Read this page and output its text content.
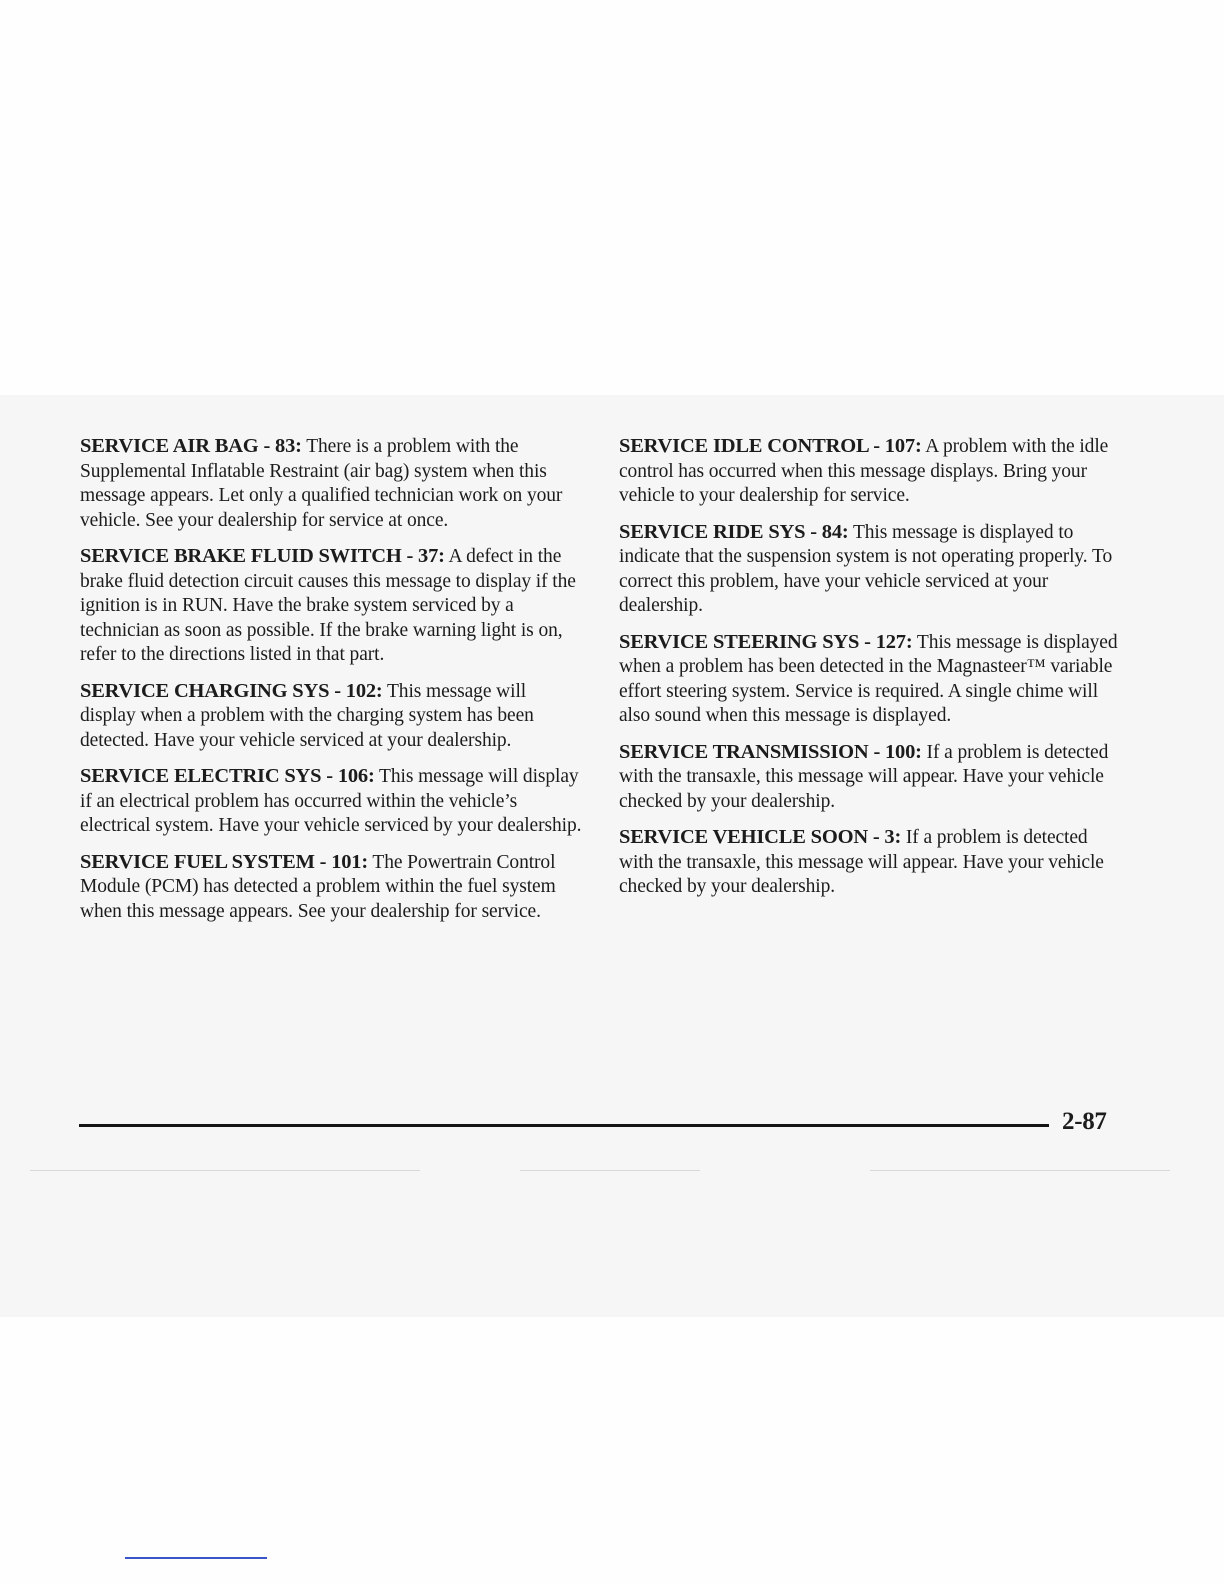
SERVICE AIR BAG - 83: There is a problem with the Supplemental Inflatable Restraint (air bag) system when this message appears. Let only a qualified technician work on your vehicle. See your dealership for service at once.

SERVICE BRAKE FLUID SWITCH - 37: A defect in the brake fluid detection circuit causes this message to display if the ignition is in RUN. Have the brake system serviced by a technician as soon as possible. If the brake warning light is on, refer to the directions listed in that part.

SERVICE CHARGING SYS - 102: This message will display when a problem with the charging system has been detected. Have your vehicle serviced at your dealership.

SERVICE ELECTRIC SYS - 106: This message will display if an electrical problem has occurred within the vehicle’s electrical system. Have your vehicle serviced by your dealership.

SERVICE FUEL SYSTEM - 101: The Powertrain Control Module (PCM) has detected a problem within the fuel system when this message appears. See your dealership for service.

SERVICE IDLE CONTROL - 107: A problem with the idle control has occurred when this message displays. Bring your vehicle to your dealership for service.

SERVICE RIDE SYS - 84: This message is displayed to indicate that the suspension system is not operating properly. To correct this problem, have your vehicle serviced at your dealership.

SERVICE STEERING SYS - 127: This message is displayed when a problem has been detected in the Magnasteer™ variable effort steering system. Service is required. A single chime will also sound when this message is displayed.

SERVICE TRANSMISSION - 100: If a problem is detected with the transaxle, this message will appear. Have your vehicle checked by your dealership.

SERVICE VEHICLE SOON - 3: If a problem is detected with the transaxle, this message will appear. Have your vehicle checked by your dealership.

2-87
